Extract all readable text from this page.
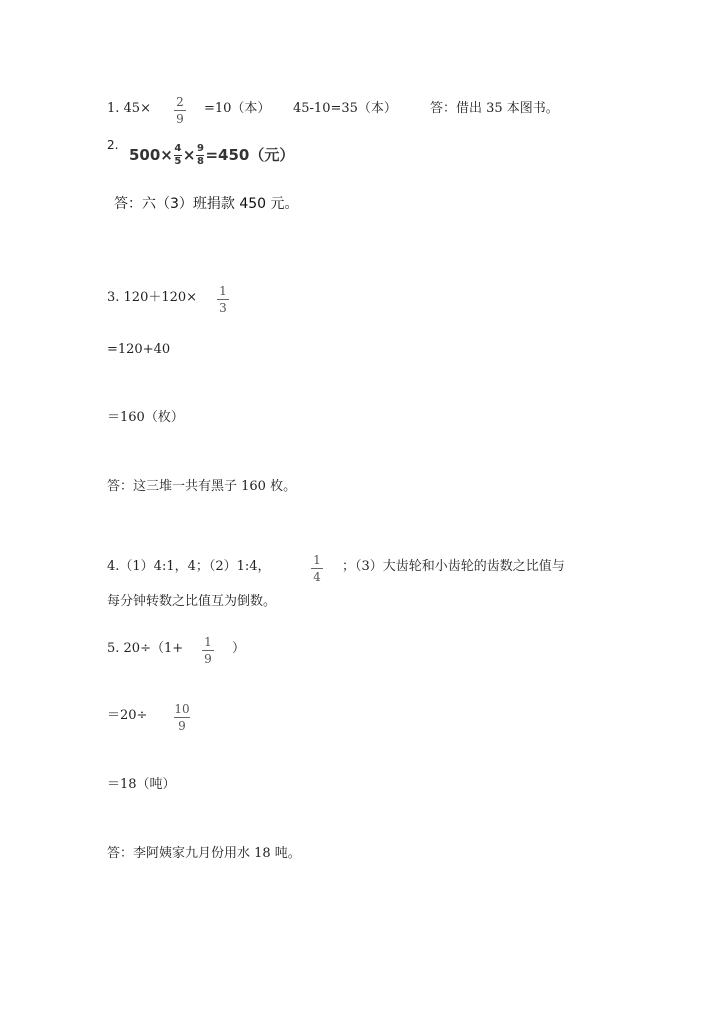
1. 45× 2
9
=10（本） 45-10=35（本）	答：借出 35 本图书。
2.
$500\times \frac{4}{5} \times \frac{9}{8} =450$（元）
答：六（3）班捐款 450 元。
3. 120＋120× 1
3
=120+40
＝160（枚）
答：这三堆一共有黑子 160 枚。
4.（1）4:1，4；（2）1:4，	1
4
；（3）大齿轮和小齿轮的齿数之比值与
每分钟转数之比值互为倒数。
5. 20÷（1+ 1
9
）
＝20÷ 10
9
＝18（吨）
答：李阿姨家九月份用水 18 吨。
